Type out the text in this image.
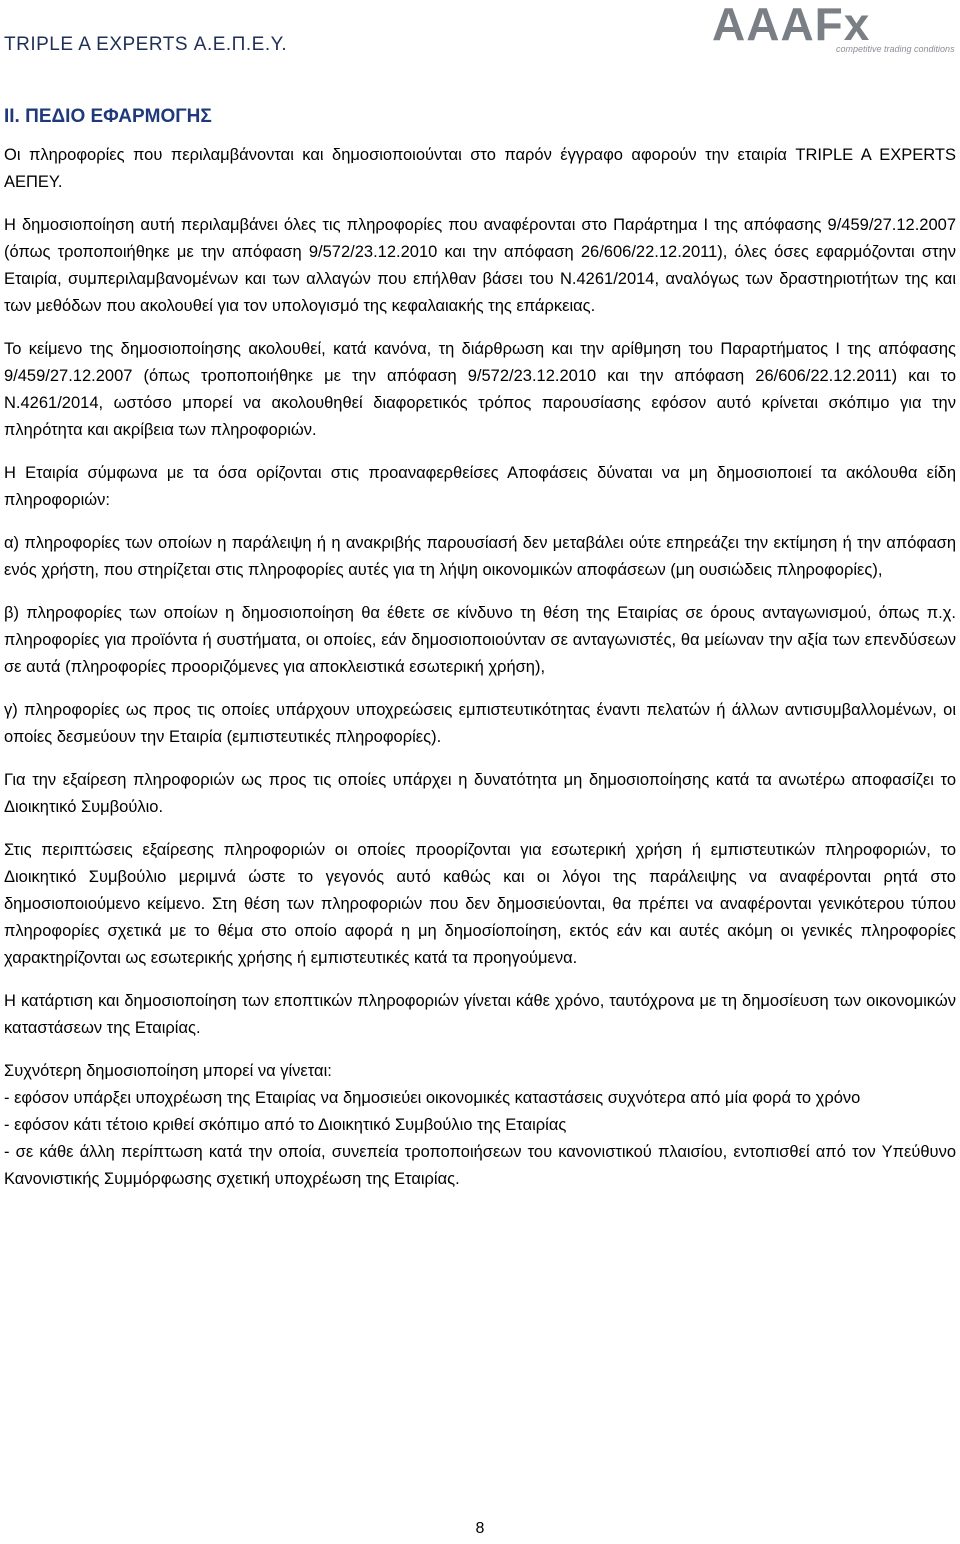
TRIPLE A EXPERTS Α.Ε.Π.Ε.Υ.	AAAFx
competitive trading conditions
ΙΙ. ΠΕΔΙΟ ΕΦΑΡΜΟΓΗΣ

Οι πληροφορίες που περιλαμβάνονται και δημοσιοποιούνται στο παρόν έγγραφο αφορούν την εταιρία TRIPLE A EXPERTS ΑΕΠΕΥ.

Η δημοσιοποίηση αυτή περιλαμβάνει όλες τις πληροφορίες που αναφέρονται στο Παράρτημα Ι της απόφασης 9/459/27.12.2007 (όπως τροποποιήθηκε με την απόφαση 9/572/23.12.2010 και την απόφαση 26/606/22.12.2011), όλες όσες εφαρμόζονται στην Εταιρία, συμπεριλαμβανομένων και των αλλαγών που επήλθαν βάσει του Ν.4261/2014, αναλόγως των δραστηριοτήτων της και των μεθόδων που ακολουθεί για τον υπολογισμό της κεφαλαιακής της επάρκειας.

Το κείμενο της δημοσιοποίησης ακολουθεί, κατά κανόνα, τη διάρθρωση και την αρίθμηση του Παραρτήματος Ι της απόφασης 9/459/27.12.2007 (όπως τροποποιήθηκε με την απόφαση 9/572/23.12.2010 και την απόφαση 26/606/22.12.2011) και το Ν.4261/2014, ωστόσο μπορεί να ακολουθηθεί διαφορετικός τρόπος παρουσίασης εφόσον αυτό κρίνεται σκόπιμο για την πληρότητα και ακρίβεια των πληροφοριών.

Η Εταιρία σύμφωνα με τα όσα ορίζονται στις προαναφερθείσες Αποφάσεις δύναται να μη δημοσιοποιεί τα ακόλουθα είδη πληροφοριών:

α) πληροφορίες των οποίων η παράλειψη ή η ανακριβής παρουσίασή δεν μεταβάλει ούτε επηρεάζει την εκτίμηση ή την απόφαση ενός χρήστη, που στηρίζεται στις πληροφορίες αυτές για τη λήψη οικονομικών αποφάσεων (μη ουσιώδεις πληροφορίες),

β) πληροφορίες των οποίων η δημοσιοποίηση θα έθετε σε κίνδυνο τη θέση της Εταιρίας σε όρους ανταγωνισμού, όπως π.χ. πληροφορίες για προϊόντα ή συστήματα, οι οποίες, εάν δημοσιοποιούνταν σε ανταγωνιστές, θα μείωναν την αξία των επενδύσεων σε αυτά (πληροφορίες προοριζόμενες για αποκλειστικά εσωτερική χρήση),

γ) πληροφορίες ως προς τις οποίες υπάρχουν υποχρεώσεις εμπιστευτικότητας έναντι πελατών ή άλλων αντισυμβαλλομένων, οι οποίες δεσμεύουν την Εταιρία (εμπιστευτικές πληροφορίες).

Για την εξαίρεση πληροφοριών ως προς τις οποίες υπάρχει η δυνατότητα μη δημοσιοποίησης κατά τα ανωτέρω αποφασίζει το Διοικητικό Συμβούλιο.

Στις περιπτώσεις εξαίρεσης πληροφοριών οι οποίες προορίζονται για εσωτερική χρήση ή εμπιστευτικών πληροφοριών, το Διοικητικό Συμβούλιο μεριμνά ώστε το γεγονός αυτό καθώς και οι λόγοι της παράλειψης να αναφέρονται ρητά στο δημοσιοποιούμενο κείμενο. Στη θέση των πληροφοριών που δεν δημοσιεύονται, θα πρέπει να αναφέρονται γενικότερου τύπου πληροφορίες σχετικά με το θέμα στο οποίο αφορά η μη δημοσίοποίηση, εκτός εάν και αυτές ακόμη οι γενικές πληροφορίες χαρακτηρίζονται ως εσωτερικής χρήσης ή εμπιστευτικές κατά τα προηγούμενα.

Η κατάρτιση και δημοσιοποίηση των εποπτικών πληροφοριών γίνεται κάθε χρόνο, ταυτόχρονα με τη δημοσίευση των οικονομικών καταστάσεων της Εταιρίας.

Συχνότερη δημοσιοποίηση μπορεί να γίνεται:

- εφόσον υπάρξει υποχρέωση της Εταιρίας να δημοσιεύει οικονομικές καταστάσεις συχνότερα από μία φορά το χρόνο
- εφόσον κάτι τέτοιο κριθεί σκόπιμο από το Διοικητικό Συμβούλιο της Εταιρίας
- σε κάθε άλλη περίπτωση κατά την οποία, συνεπεία τροποποιήσεων του κανονιστικού πλαισίου, εντοπισθεί από τον Υπεύθυνο Κανονιστικής Συμμόρφωσης σχετική υποχρέωση της Εταιρίας.
8
